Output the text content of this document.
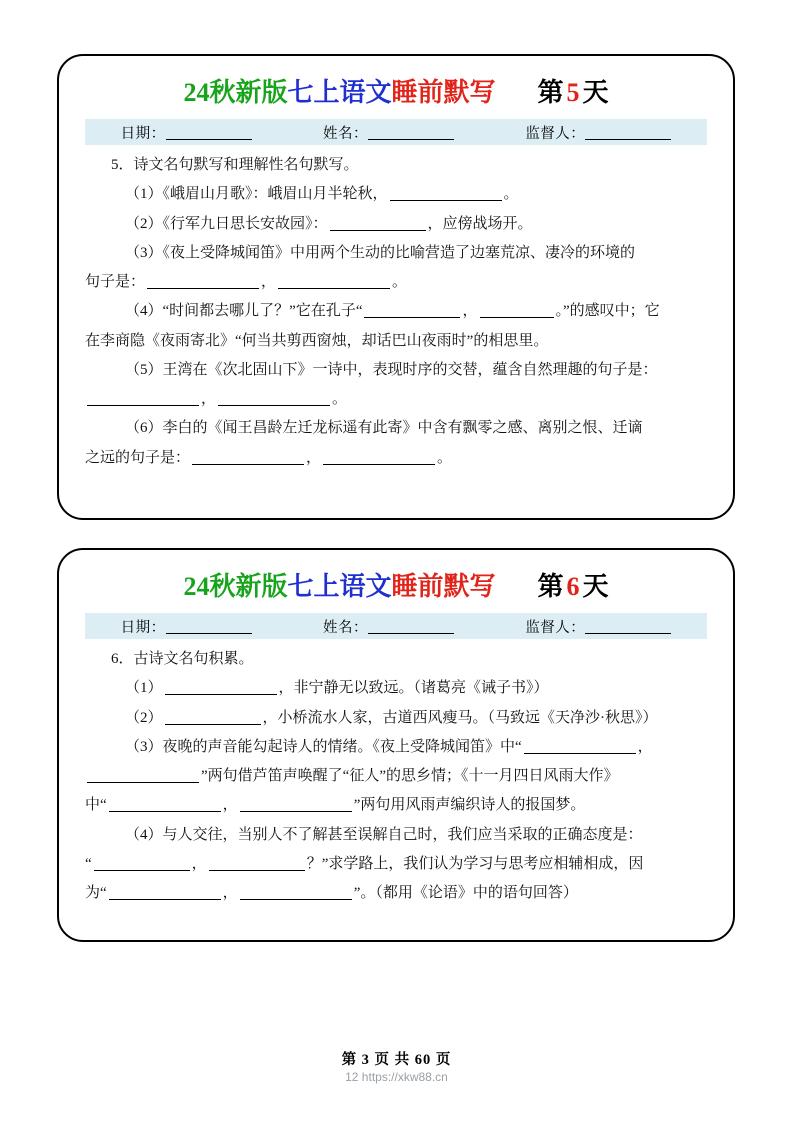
24 秋新版 七上语文 睡前默写 第 5 天
日期：	姓名：	监督人：

5．诗文名句默写和理解性名句默写。

（1）《峨眉山月歌》：峨眉山月半轮秋，	。

（2）《行军九日思长安故园》：	，应傍战场开。

（3）《夜上受降城闻笛》中用两个生动的比喻营造了边塞荒凉、凄冷的环境的

句子是：	，	。

（4）“时间都去哪儿了？”它在孔子“	，	。”的感叹中；它

在李商隐《夜雨寄北》“何当共剪西窗烛，却话巴山夜雨时”的相思里。

（5）王湾在《次北固山下》一诗中，表现时序的交替，蕴含自然理趣的句子是：

，	。

（6）李白的《闻王昌龄左迁龙标遥有此寄》中含有飘零之感、离别之恨、迁谪

之远的句子是：	，	。

24 秋新版 七上语文 睡前默写 第 6 天
日期：	姓名：	监督人：

6．古诗文名句积累。

（1）	，非宁静无以致远。（诸葛亮《诫子书》）

（2）	，小桥流水人家，古道西风瘦马。（马致远《天净沙·秋思》）

（3）夜晚的声音能勾起诗人的情绪。《夜上受降城闻笛》中“	，

”两句借芦笛声唤醒了“征人”的思乡情；《十一月四日风雨大作》

中“	，	”两句用风雨声编织诗人的报国梦。

（4）与人交往，当别人不了解甚至误解自己时，我们应当采取的正确态度是：

“	，	？”求学路上，我们认为学习与思考应相辅相成，因

为“	，	”。（都用《论语》中的语句回答）

第 3 页 共 60 页
12 https://xkw88.cn
